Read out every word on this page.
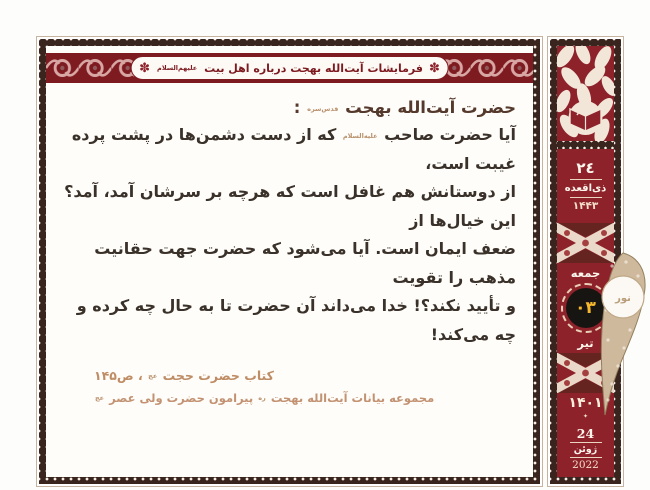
✽
فرمایشات آیت‌الله بهجت درباره اهل بیت
علیهم‌السلام
✽
حضرت آیت‌الله بهجت قدس‌سره :
آیا حضرت صاحب علیه‌السلام که از دست دشمن‌ها در پشت پرده غیبت است،
از دوستانش هم غافل است که هرچه بر سرشان آمد، آمد؟ این خیال‌ها از
ضعف ایمان است. آیا می‌شود که حضرت جهت حقانیت مذهب را تقویت
و تأیید نکند؟! خدا می‌داند آن حضرت تا به حال چه کرده و چه می‌کند!
کتاب حضرت حجت عج ، ص۱۴۵
مجموعه بیانات آیت‌الله بهجت ره پیرامون حضرت ولی عصر عج
٢٤
ذی‌اقعده
۱۴۴۳
جمعه
۰۳
تیر
۱۴۰۱
✦
24
ژوئن
2022
نور
